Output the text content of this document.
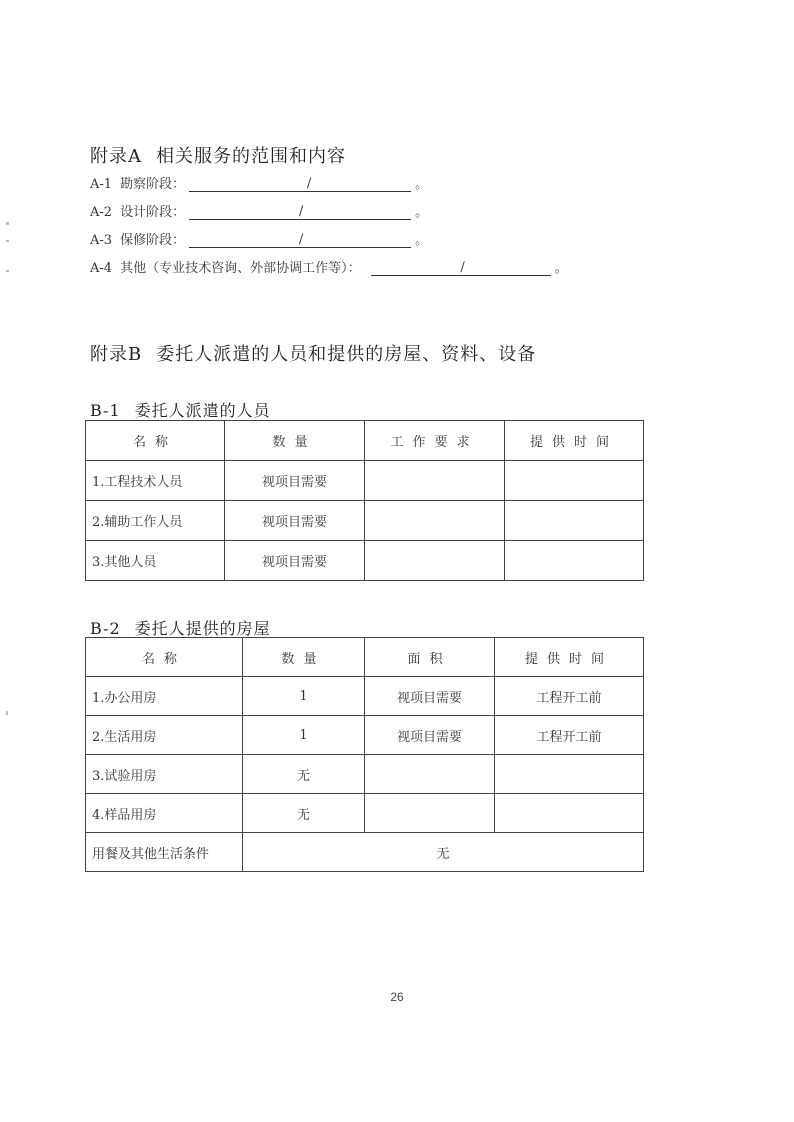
附录A 相关服务的范围和内容
A-1 勘察阶段：	/	。
A-2 设计阶段：	/	。
A-3 保修阶段：	/	。
A-4 其他（专业技术咨询、外部协调工作等）：	/	。
附录B 委托人派遣的人员和提供的房屋、资料、设备
B-1 委托人派遣的人员
名称	数量	工作要求	提供时间
1.工程技术人员	视项目需要		
2.辅助工作人员	视项目需要		
3.其他人员	视项目需要		
B-2 委托人提供的房屋
名称	数量	面积	提供时间
1.办公用房	1	视项目需要	工程开工前
2.生活用房	1	视项目需要	工程开工前
3.试验用房	无		
4.样品用房	无		
用餐及其他生活条件	无		
26
